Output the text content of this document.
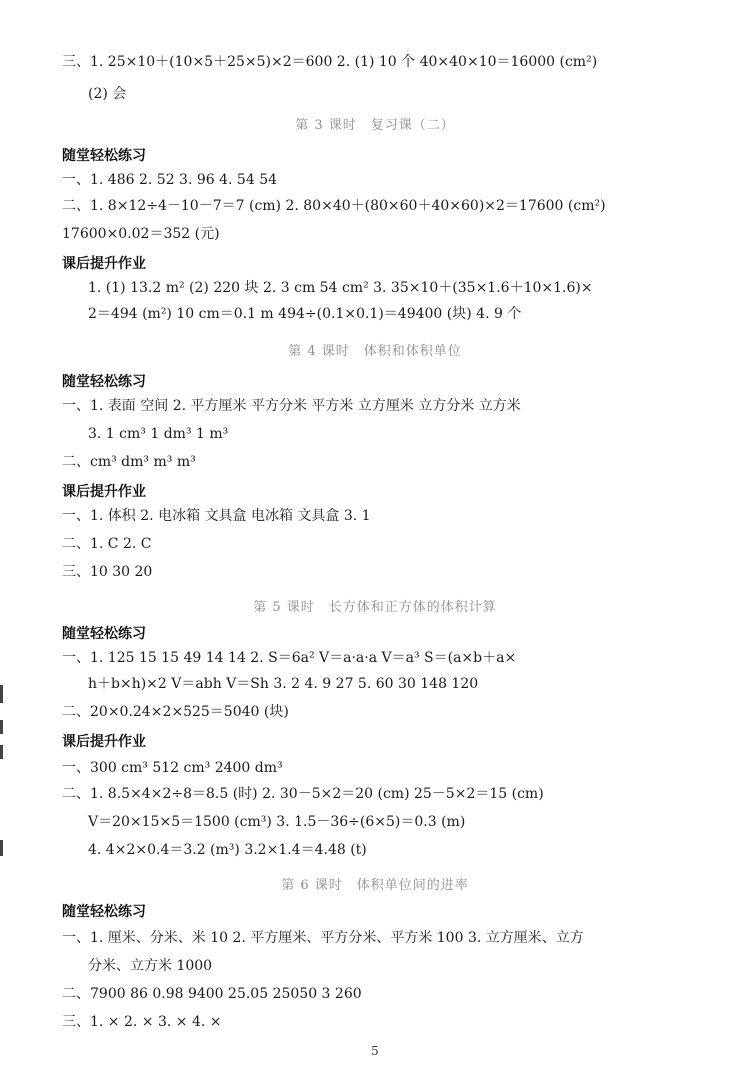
三、1. 25×10＋(10×5＋25×5)×2＝600 2. (1) 10 个 40×40×10＝16000 (cm²)
(2) 会
第 3 课时　复习课（二）
随堂轻松练习
一、1. 486 2. 52 3. 96 4. 54 54
二、1. 8×12÷4－10－7＝7 (cm) 2. 80×40＋(80×60＋40×60)×2＝17600 (cm²)
17600×0.02＝352 (元)
课后提升作业
1. (1) 13.2 m² (2) 220 块 2. 3 cm 54 cm² 3. 35×10＋(35×1.6＋10×1.6)×
2＝494 (m²) 10 cm＝0.1 m 494÷(0.1×0.1)＝49400 (块) 4. 9 个
第 4 课时　体积和体积单位
随堂轻松练习
一、1. 表面 空间 2. 平方厘米 平方分米 平方米 立方厘米 立方分米 立方米
3. 1 cm³ 1 dm³ 1 m³
二、cm³ dm³ m³ m³
课后提升作业
一、1. 体积 2. 电冰箱 文具盒 电冰箱 文具盒 3. 1
二、1. C 2. C
三、10 30 20
第 5 课时　长方体和正方体的体积计算
随堂轻松练习
一、1. 125 15 15 49 14 14 2. S＝6a² V＝a·a·a V＝a³ S＝(a×b＋a×
h＋b×h)×2 V＝abh V＝Sh 3. 2 4. 9 27 5. 60 30 148 120
二、20×0.24×2×525＝5040 (块)
课后提升作业
一、300 cm³ 512 cm³ 2400 dm³
二、1. 8.5×4×2÷8＝8.5 (时) 2. 30－5×2＝20 (cm) 25－5×2＝15 (cm)
V＝20×15×5＝1500 (cm³) 3. 1.5－36÷(6×5)＝0.3 (m)
4. 4×2×0.4＝3.2 (m³) 3.2×1.4＝4.48 (t)
第 6 课时　体积单位间的进率
随堂轻松练习
一、1. 厘米、分米、米 10 2. 平方厘米、平方分米、平方米 100 3. 立方厘米、立方
分米、立方米 1000
二、7900 86 0.98 9400 25.05 25050 3 260
三、1. × 2. × 3. × 4. ×
5
